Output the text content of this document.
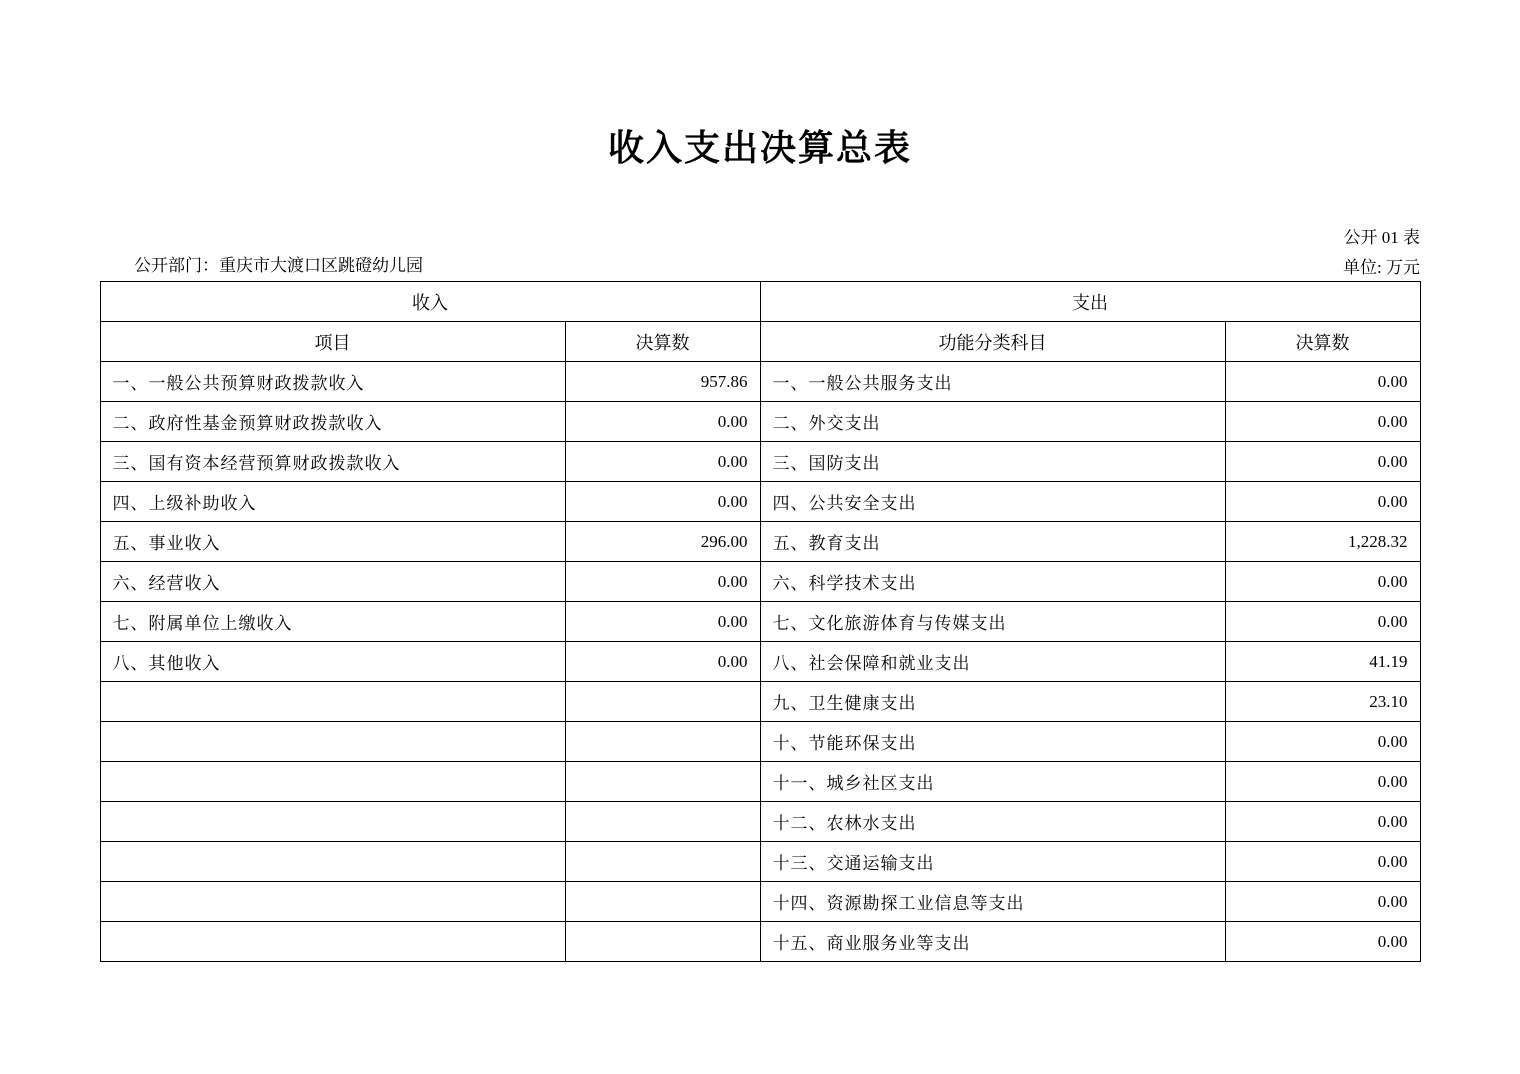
收入支出决算总表
公开部门：重庆市大渡口区跳磴幼儿园
公开 01 表
单位: 万元
收入		支出	
项目	决算数	功能分类科目	决算数
一、一般公共预算财政拨款收入	957.86	一、一般公共服务支出	0.00
二、政府性基金预算财政拨款收入	0.00	二、外交支出	0.00
三、国有资本经营预算财政拨款收入	0.00	三、国防支出	0.00
四、上级补助收入	0.00	四、公共安全支出	0.00
五、事业收入	296.00	五、教育支出	1,228.32
六、经营收入	0.00	六、科学技术支出	0.00
七、附属单位上缴收入	0.00	七、文化旅游体育与传媒支出	0.00
八、其他收入	0.00	八、社会保障和就业支出	41.19
		九、卫生健康支出	23.10
		十、节能环保支出	0.00
		十一、城乡社区支出	0.00
		十二、农林水支出	0.00
		十三、交通运输支出	0.00
		十四、资源勘探工业信息等支出	0.00
		十五、商业服务业等支出	0.00
